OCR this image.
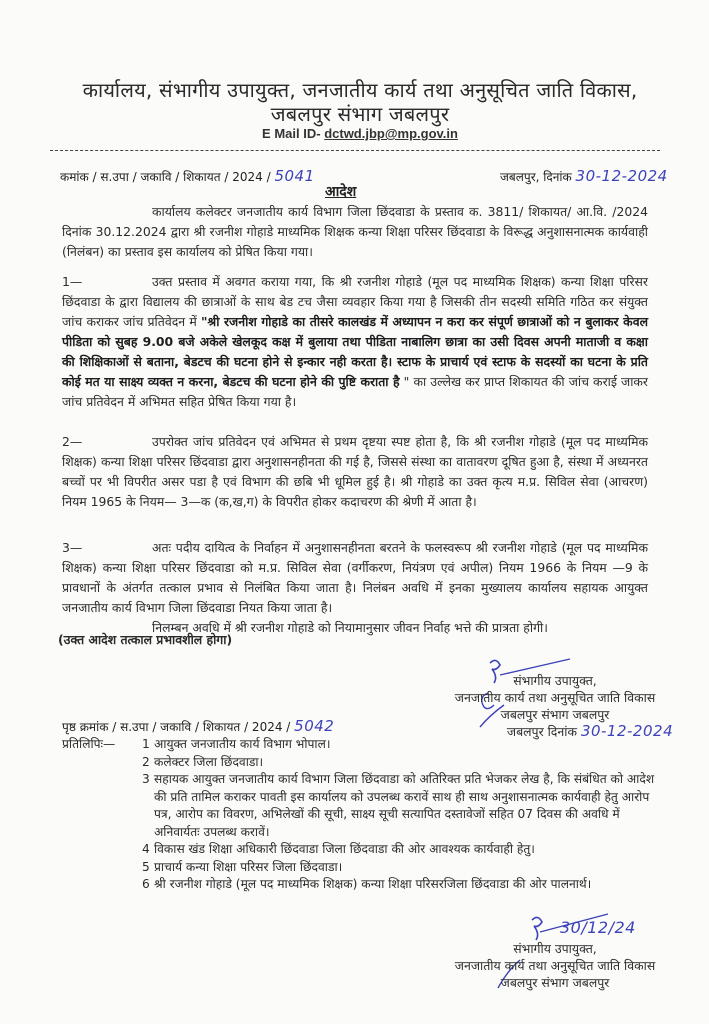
कार्यालय, संभागीय उपायुक्त, जनजातीय कार्य तथा अनुसूचित जाति विकास,
जबलपुर संभाग जबलपुर
E Mail ID- dctwd.jbp@mp.gov.in
कमांक / स.उपा / जकावि / शिकायत / 2024 / 5041	जबलपुर, दिनांक 30-12-2024
आदेश
कार्यालय कलेक्टर जनजातीय कार्य विभाग जिला छिंदवाडा के प्रस्ताव क. 3811/ शिकायत/ आ.वि. /2024 दिनांक 30.12.2024 द्वारा श्री रजनीश गोहाडे माध्यमिक शिक्षक कन्या शिक्षा परिसर छिंदवाडा के विरूद्ध अनुशासनात्मक कार्यवाही (निलंबन) का प्रस्ताव इस कार्यालय को प्रेषित किया गया।
1—	उक्त प्रस्ताव में अवगत कराया गया, कि श्री रजनीश गोहाडे (मूल पद माध्यमिक शिक्षक) कन्या शिक्षा परिसर छिंदवाडा के द्वारा विद्यालय की छात्राओं के साथ बेड टच जैसा व्यवहार किया गया है जिसकी तीन सदस्यी समिति गठित कर संयुक्त जांच कराकर जांच प्रतिवेदन में "श्री रजनीश गोहाडे का तीसरे कालखंड में अध्यापन न करा कर संपूर्ण छात्राओं को न बुलाकर केवल पीडिता को सुबह 9.00 बजे अकेले खेलकूद कक्ष में बुलाया तथा पीडिता नाबालिग छात्रा का उसी दिवस अपनी माताजी व कक्षा की शिक्षिकाओं से बताना, बेडटच की घटना होने से इन्कार नही करता है। स्टाफ के प्राचार्य एवं स्टाफ के सदस्यों का घटना के प्रति कोई मत या साक्ष्य व्यक्त न करना, बेडटच की घटना होने की पुष्टि कराता है " का उल्लेख कर प्राप्त शिकायत की जांच कराई जाकर जांच प्रतिवेदन में अभिमत सहित प्रेषित किया गया है।
2—	उपरोक्त जांच प्रतिवेदन एवं अभिमत से प्रथम दृष्टया स्पष्ट होता है, कि श्री रजनीश गोहाडे (मूल पद माध्यमिक शिक्षक) कन्या शिक्षा परिसर छिंदवाडा द्वारा अनुशासनहीनता की गई है, जिससे संस्था का वातावरण दूषित हुआ है, संस्था में अध्यनरत बच्चों पर भी विपरीत असर पडा है एवं विभाग की छबि भी धूमिल हुई है। श्री गोहाडे का उक्त कृत्य म.प्र. सिविल सेवा (आचरण) नियम 1965 के नियम— 3—क (क,ख,ग) के विपरीत होकर कदाचरण की श्रेणी में आता है।
3—	अतः पदीय दायित्व के निर्वाहन में अनुशासनहीनता बरतने के फलस्वरूप श्री रजनीश गोहाडे (मूल पद माध्यमिक शिक्षक) कन्या शिक्षा परिसर छिंदवाडा को म.प्र. सिविल सेवा (वर्गीकरण, नियंत्रण एवं अपील) नियम 1966 के नियम —9 के प्रावधानों के अंतर्गत तत्काल प्रभाव से निलंबित किया जाता है। निलंबन अवधि में इनका मुख्यालय कार्यालय सहायक आयुक्त जनजातीय कार्य विभाग जिला छिंदवाडा नियत किया जाता है।
निलम्बन अवधि में श्री रजनीश गोहाडे को नियामानुसार जीवन निर्वाह भत्ते की प्रात्रता होगी।
(उक्त आदेश तत्काल प्रभावशील होगा)
संभागीय उपायुक्त,
जनजातीय कार्य तथा अनुसूचित जाति विकास
जबलपुर संभाग जबलपुर
जबलपुर दिनांक 30-12-2024
पृष्ठ क्रमांक / स.उपा / जकावि / शिकायत / 2024 / 5042
प्रतिलिपिः—	1 आयुक्त जनजातीय कार्य विभाग भोपाल।
2 कलेक्टर जिला छिंदवाडा।
3 सहायक आयुक्त जनजातीय कार्य विभाग जिला छिंदवाडा को अतिरिक्त प्रति भेजकर लेख है, कि संबंधित को आदेश की प्रति तामिल कराकर पावती इस कार्यालय को उपलब्ध करावें साथ ही साथ अनुशासनात्मक कार्यवाही हेतु आरोप पत्र, आरोप का विवरण, अभिलेखों की सूची, साक्ष्य सूची सत्यापित दस्तावेजों सहित 07 दिवस की अवधि में अनिवार्यतः उपलब्ध करावें।
4 विकास खंड शिक्षा अधिकारी छिंदवाडा जिला छिंदवाडा की ओर आवश्यक कार्यवाही हेतु।
5 प्राचार्य कन्या शिक्षा परिसर जिला छिंदवाडा।
6 श्री रजनीश गोहाडे (मूल पद माध्यमिक शिक्षक) कन्या शिक्षा परिसरजिला छिंदवाडा की ओर पालनार्थ।
30/12/24
संभागीय उपायुक्त,
जनजातीय कार्य तथा अनुसूचित जाति विकास
जबलपुर संभाग जबलपुर
